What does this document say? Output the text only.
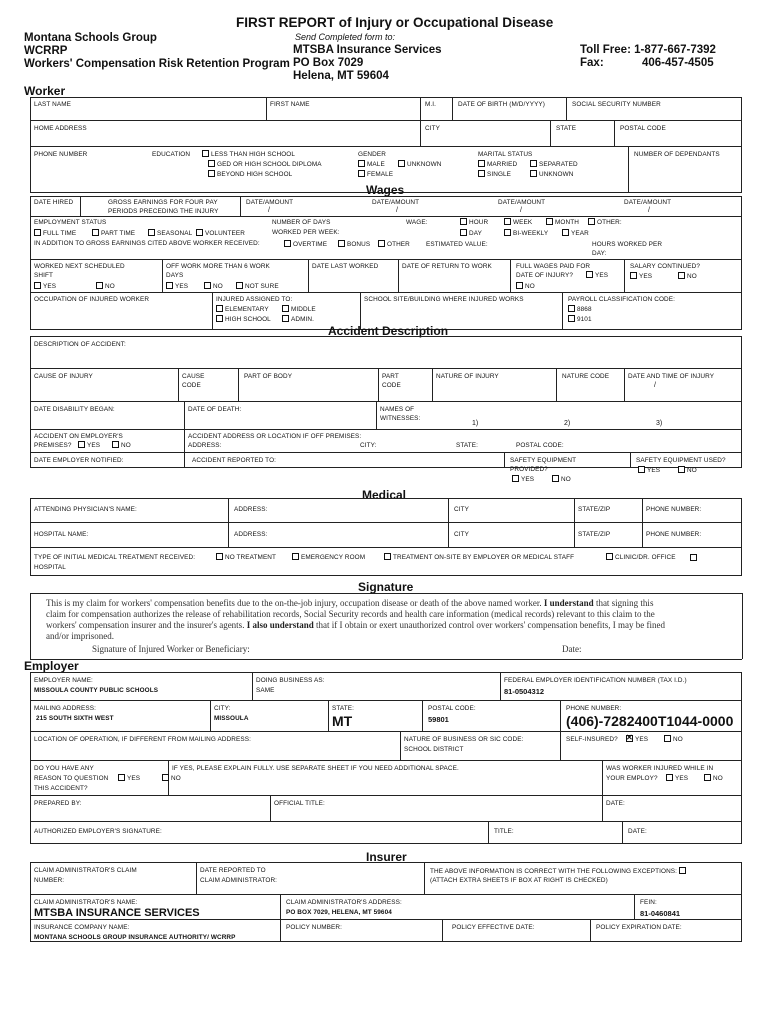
FIRST REPORT of Injury or Occupational Disease
Montana Schools Group
WCRRP
Workers' Compensation Risk Retention Program
Send Completed form to:
MTSBA Insurance Services
PO Box 7029
Helena, MT 59604
Toll Free: 1-877-667-7392
Fax:	406-457-4505
Worker
LAST NAME	FIRST NAME	M.I.	DATE OF BIRTH (M/D/YYYY)	SOCIAL SECURITY NUMBER
HOME ADDRESS	CITY	STATE	POSTAL CODE
PHONE NUMBER	EDUCATION	LESS THAN HIGH SCHOOL
GED OR HIGH SCHOOL DIPLOMA
BEYOND HIGH SCHOOL
GENDER
MALE	UNKNOWN
FEMALE
MARITAL STATUS
MARRIED	SEPARATED
SINGLE	UNKNOWN
NUMBER OF DEPENDANTS
Wages
DATE HIRED	GROSS EARNINGS FOR FOUR PAY
PERIODS PRECEDING THE INJURY
DATE/AMOUNT
/
DATE/AMOUNT
/
DATE/AMOUNT
/
DATE/AMOUNT
/
EMPLOYMENT STATUS
FULL TIME	PART TIME	SEASONAL	VOLUNTEER
NUMBER OF DAYS
WORKED PER WEEK:
WAGE:	HOUR	WEEK	MONTH	OTHER:
DAY	BI-WEEKLY	YEAR
IN ADDITION TO GROSS EARNINGS CITED ABOVE WORKER RECEIVED:	OVERTIME	BONUS	OTHER	ESTIMATED VALUE:	HOURS WORKED PER
DAY:
WORKED NEXT SCHEDULED
SHIFT
YES	NO
OFF WORK MORE THAN 6 WORK
DAYS
YES	NO	NOT SURE
DATE LAST WORKED	DATE OF RETURN TO WORK	FULL WAGES PAID FOR
DATE OF INJURY?	YES
NO
SALARY CONTINUED?
YES	NO
OCCUPATION OF INJURED WORKER	INJURED ASSIGNED TO:
ELEMENTARY	MIDDLE
HIGH SCHOOL	ADMIN.
SCHOOL SITE/BUILDING WHERE INJURED WORKS	PAYROLL CLASSIFICATION CODE:
8868
9101
Accident Description
DESCRIPTION OF ACCIDENT:
CAUSE OF INJURY	CAUSE
CODE
PART OF BODY	PART
CODE
NATURE OF INJURY	NATURE CODE	DATE AND TIME OF INJURY
/
DATE DISABILITY BEGAN:	DATE OF DEATH:	NAMES OF
WITNESSES:
1)	2)	3)
ACCIDENT ON EMPLOYER'S
PREMISES?	YES	NO
ACCIDENT ADDRESS OR LOCATION IF OFF PREMISES:
ADDRESS:	CITY:	STATE:	POSTAL CODE:
DATE EMPLOYER NOTIFIED:	ACCIDENT REPORTED TO:	SAFETY EQUIPMENT
PROVIDED?
YES	NO
SAFETY EQUIPMENT USED?
YES	NO
Medical
ATTENDING PHYSICIAN'S NAME:	ADDRESS:	CITY	STATE/ZIP	PHONE NUMBER:
HOSPITAL NAME:	ADDRESS:	CITY	STATE/ZIP	PHONE NUMBER:
TYPE OF INITIAL MEDICAL TREATMENT RECEIVED:	NO TREATMENT	EMERGENCY ROOM	TREATMENT ON-SITE BY EMPLOYER OR MEDICAL STAFF	CLINIC/DR. OFFICE
HOSPITAL
Signature
This is my claim for workers' compensation benefits due to the on-the-job injury, occupation disease or death of the above named worker. I understand that signing this
claim for compensation authorizes the release of rehabilitation records, Social Security records and health care information (medical records) relevant to this claim to the
workers' compensation insurer and the insurer's agents. I also understand that if I obtain or exert unauthorized control over workers' compensation benefits, I may be fined
and/or imprisoned.
Signature of Injured Worker or Beneficiary:	Date:
Employer
EMPLOYER NAME:
MISSOULA COUNTY PUBLIC SCHOOLS
DOING BUSINESS AS:
SAME
FEDERAL EMPLOYER IDENTIFICATION NUMBER (TAX I.D.)
81-0504312
MAILING ADDRESS:
215 SOUTH SIXTH WEST
CITY:
MISSOULA
STATE:
MT
POSTAL CODE:
59801
PHONE NUMBER:
(406)-7282400T1044-0000
LOCATION OF OPERATION, IF DIFFERENT FROM MAILING ADDRESS:	NATURE OF BUSINESS OR SIC CODE:
SCHOOL DISTRICT
SELF-INSURED?
✕	YES	NO
DO YOU HAVE ANY
REASON TO QUESTION	YES	NO
THIS ACCIDENT?
IF YES, PLEASE EXPLAIN FULLY. USE SEPARATE SHEET IF YOU NEED ADDITIONAL SPACE.	WAS WORKER INJURED WHILE IN
YOUR EMPLOY?	YES	NO
PREPARED BY:	OFFICIAL TITLE:	DATE:
AUTHORIZED EMPLOYER'S SIGNATURE:	TITLE:	DATE:
Insurer
CLAIM ADMINISTRATOR'S CLAIM
NUMBER:
DATE REPORTED TO
CLAIM ADMINISTRATOR:
THE ABOVE INFORMATION IS CORRECT WITH THE FOLLOWING EXCEPTIONS:
(ATTACH EXTRA SHEETS IF BOX AT RIGHT IS CHECKED)
CLAIM ADMINISTRATOR'S NAME:
MTSBA INSURANCE SERVICES
CLAIM ADMINISTRATOR'S ADDRESS:
PO BOX 7029, HELENA, MT 59604
FEIN:
81-0460841
INSURANCE COMPANY NAME:
MONTANA SCHOOLS GROUP INSURANCE AUTHORITY/ WCRRP
POLICY NUMBER:	POLICY EFFECTIVE DATE:	POLICY EXPIRATION DATE:
